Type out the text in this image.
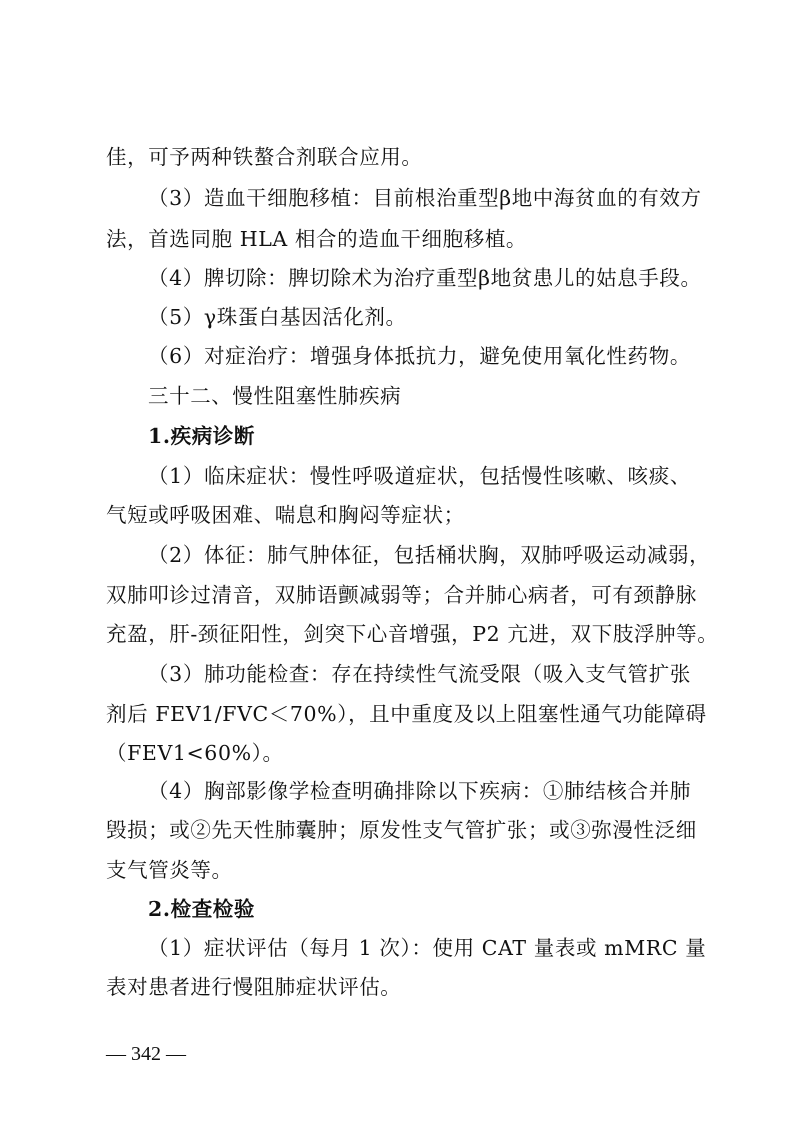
佳，可予两种铁螯合剂联合应用。
（3）造血干细胞移植：目前根治重型β地中海贫血的有效方
法，首选同胞 HLA 相合的造血干细胞移植。
（4）脾切除：脾切除术为治疗重型β地贫患儿的姑息手段。
（5）γ珠蛋白基因活化剂。
（6）对症治疗：增强身体抵抗力，避免使用氧化性药物。
三十二、慢性阻塞性肺疾病
1.疾病诊断
（1）临床症状：慢性呼吸道症状，包括慢性咳嗽、咳痰、
气短或呼吸困难、喘息和胸闷等症状；
（2）体征：肺气肿体征，包括桶状胸，双肺呼吸运动减弱，
双肺叩诊过清音，双肺语颤减弱等；合并肺心病者，可有颈静脉
充盈，肝-颈征阳性，剑突下心音增强，P2 亢进，双下肢浮肿等。
（3）肺功能检查：存在持续性气流受限（吸入支气管扩张
剂后 FEV1/FVC＜70%），且中重度及以上阻塞性通气功能障碍
（FEV1<60%）。
（4）胸部影像学检查明确排除以下疾病：①肺结核合并肺
毁损；或②先天性肺囊肿；原发性支气管扩张；或③弥漫性泛细
支气管炎等。
2.检查检验
（1）症状评估（每月 1 次）：使用 CAT 量表或 mMRC 量
表对患者进行慢阻肺症状评估。
— 342 —
